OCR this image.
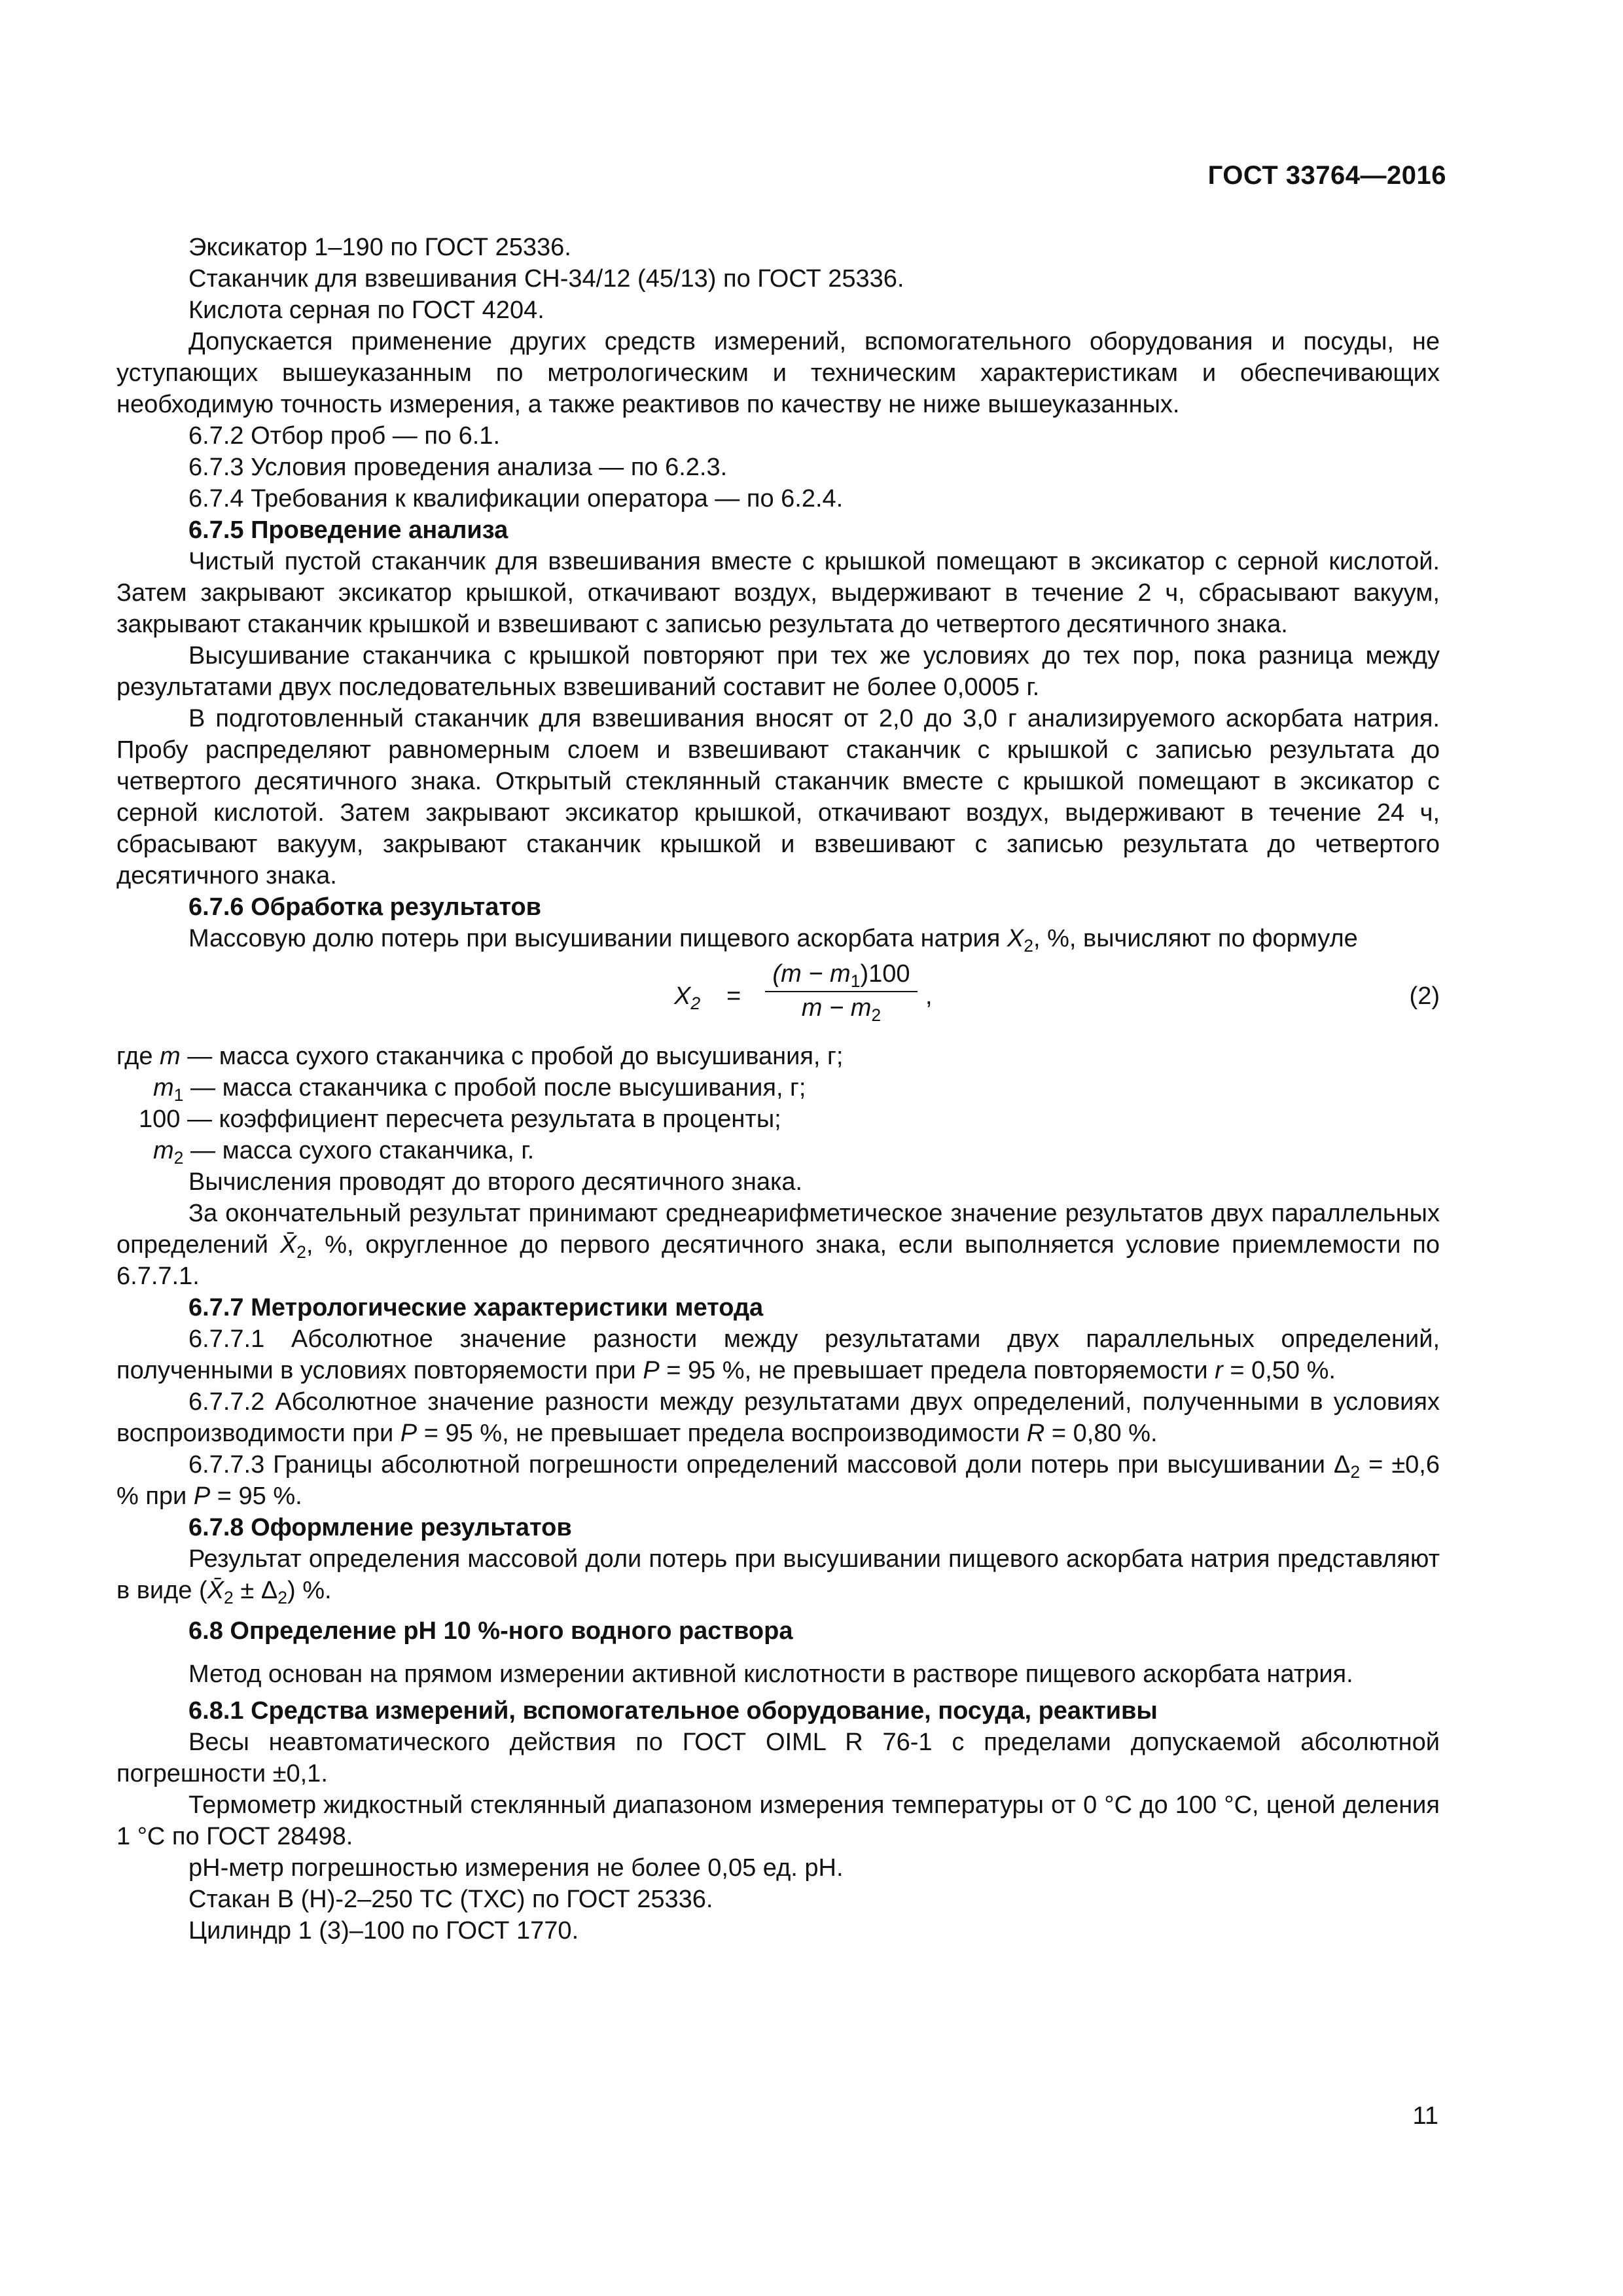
ГОСТ 33764—2016

Эксикатор 1–190 по ГОСТ 25336.

Стаканчик для взвешивания СН-34/12 (45/13) по ГОСТ 25336.

Кислота серная по ГОСТ 4204.

Допускается применение других средств измерений, вспомогательного оборудования и посуды, не уступающих вышеуказанным по метрологическим и техническим характеристикам и обеспечивающих необходимую точность измерения, а также реактивов по качеству не ниже вышеуказанных.

6.7.2 Отбор проб — по 6.1.

6.7.3 Условия проведения анализа — по 6.2.3.

6.7.4 Требования к квалификации оператора — по 6.2.4.

6.7.5 Проведение анализа

Чистый пустой стаканчик для взвешивания вместе с крышкой помещают в эксикатор с серной кислотой. Затем закрывают эксикатор крышкой, откачивают воздух, выдерживают в течение 2 ч, сбрасывают вакуум, закрывают стаканчик крышкой и взвешивают с записью результата до четвертого десятичного знака.

Высушивание стаканчика с крышкой повторяют при тех же условиях до тех пор, пока разница между результатами двух последовательных взвешиваний составит не более 0,0005 г.

В подготовленный стаканчик для взвешивания вносят от 2,0 до 3,0 г анализируемого аскорбата натрия. Пробу распределяют равномерным слоем и взвешивают стаканчик с крышкой с записью результата до четвертого десятичного знака. Открытый стеклянный стаканчик вместе с крышкой помещают в эксикатор с серной кислотой. Затем закрывают эксикатор крышкой, откачивают воздух, выдерживают в течение 24 ч, сбрасывают вакуум, закрывают стаканчик крышкой и взвешивают с записью результата до четвертого десятичного знака.

6.7.6 Обработка результатов

Массовую долю потерь при высушивании пищевого аскорбата натрия $X_2$, %, вычисляют по формуле

$X_2$ =
$(m - m_1)100$
$m - m_2$
,	(2)
где m — масса сухого стаканчика с пробой до высушивания, г;
$m_1$ — масса стаканчика с пробой после высушивания, г;
100 — коэффициент пересчета результата в проценты;
$m_2$ — масса сухого стаканчика, г.

Вычисления проводят до второго десятичного знака.

За окончательный результат принимают среднеарифметическое значение результатов двух параллельных определений $X̄_2$, %, округленное до первого десятичного знака, если выполняется условие приемлемости по 6.7.7.1.

6.7.7 Метрологические характеристики метода

6.7.7.1 Абсолютное значение разности между результатами двух параллельных определений, полученными в условиях повторяемости при P = 95 %, не превышает предела повторяемости r = 0,50 %.

6.7.7.2 Абсолютное значение разности между результатами двух определений, полученными в условиях воспроизводимости при P = 95 %, не превышает предела воспроизводимости R = 0,80 %.

6.7.7.3 Границы абсолютной погрешности определений массовой доли потерь при высушивании $\Delta_2 = \pm 0,6$ % при P = 95 %.

6.7.8 Оформление результатов

Результат определения массовой доли потерь при высушивании пищевого аскорбата натрия представляют в виде $(X̄_2 \pm \Delta_2)$ %.

6.8 Определение pH 10 %-ного водного раствора

Метод основан на прямом измерении активной кислотности в растворе пищевого аскорбата натрия.

6.8.1 Средства измерений, вспомогательное оборудование, посуда, реактивы

Весы неавтоматического действия по ГОСТ OIML R 76-1 с пределами допускаемой абсолютной погрешности ±0,1.

Термометр жидкостный стеклянный диапазоном измерения температуры от 0 °С до 100 °С, ценой деления 1 °С по ГОСТ 28498.

pH-метр погрешностью измерения не более 0,05 ед. pH.

Стакан В (Н)-2–250 ТС (ТХС) по ГОСТ 25336.

Цилиндр 1 (3)–100 по ГОСТ 1770.

11
